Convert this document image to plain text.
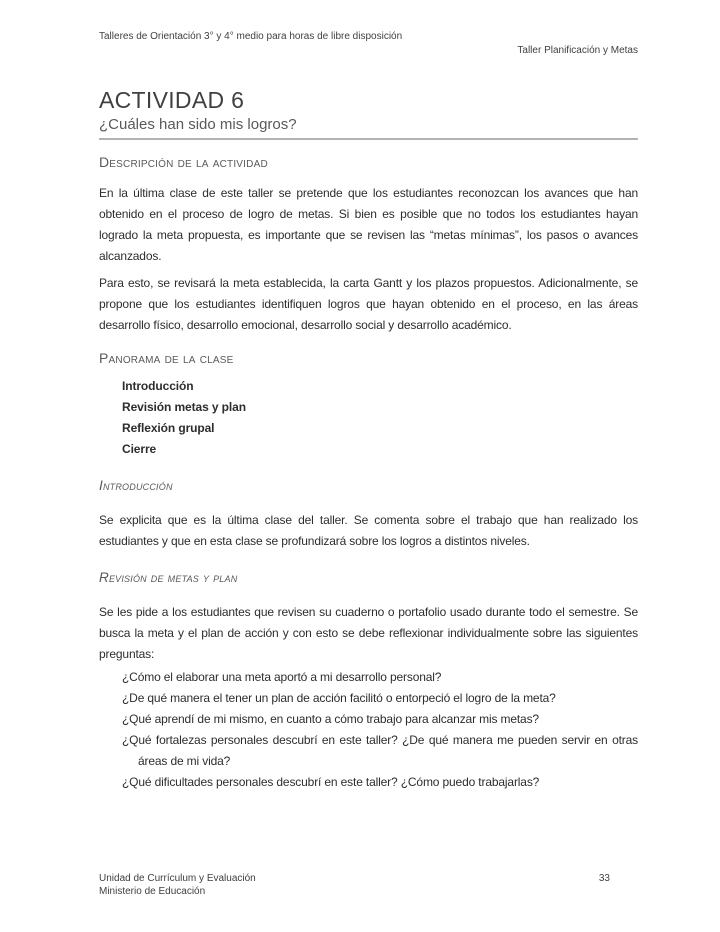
Talleres de Orientación 3° y 4° medio para horas de libre disposición
Taller Planificación y Metas
ACTIVIDAD 6
¿Cuáles han sido mis logros?
Descripción de la actividad

En la última clase de este taller se pretende que los estudiantes reconozcan los avances que han obtenido en el proceso de logro de metas. Si bien es posible que no todos los estudiantes hayan logrado la meta propuesta, es importante que se revisen las “metas mínimas”, los pasos o avances alcanzados.

Para esto, se revisará la meta establecida, la carta Gantt y los plazos propuestos. Adicionalmente, se propone que los estudiantes identifiquen logros que hayan obtenido en el proceso, en las áreas desarrollo físico, desarrollo emocional, desarrollo social y desarrollo académico.

Panorama de la clase
Introducción
Revisión metas y plan
Reflexión grupal
Cierre
Introducción

Se explicita que es la última clase del taller. Se comenta sobre el trabajo que han realizado los estudiantes y que en esta clase se profundizará sobre los logros a distintos niveles.

Revisión de metas y plan

Se les pide a los estudiantes que revisen su cuaderno o portafolio usado durante todo el semestre. Se busca la meta y el plan de acción y con esto se debe reflexionar individualmente sobre las siguientes preguntas:

¿Cómo el elaborar una meta aportó a mi desarrollo personal?
¿De qué manera el tener un plan de acción facilitó o entorpeció el logro de la meta?
¿Qué aprendí de mi mismo, en cuanto a cómo trabajo para alcanzar mis metas?
¿Qué fortalezas personales descubrí en este taller? ¿De qué manera me pueden servir en otras áreas de mi vida?
¿Qué dificultades personales descubrí en este taller? ¿Cómo puedo trabajarlas?
Unidad de Currículum y Evaluación
Ministerio de Educación
33
